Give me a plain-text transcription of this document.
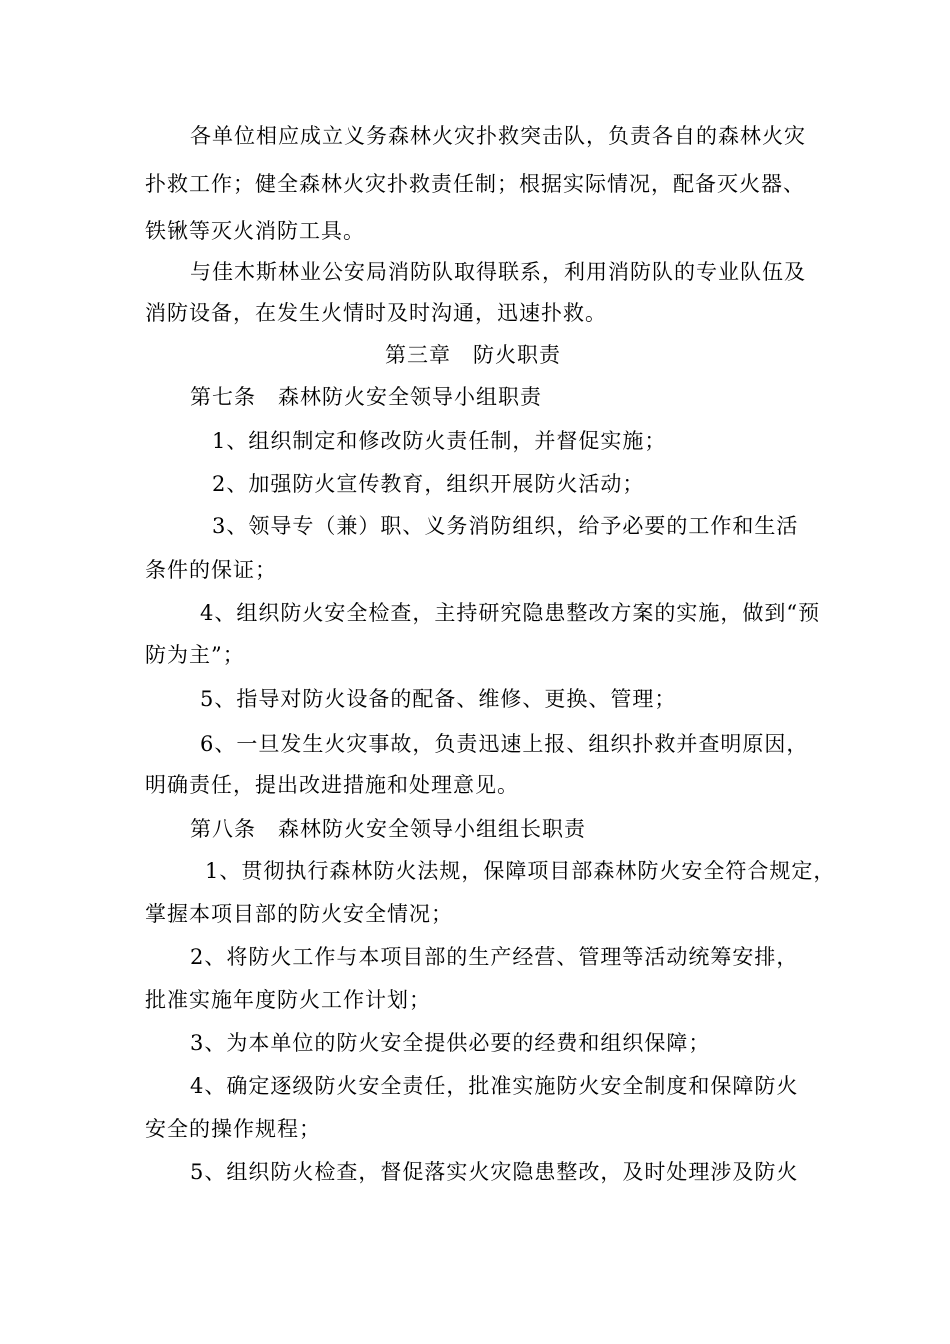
各单位相应成立义务森林火灾扑救突击队，负责各自的森林火灾
扑救工作；健全森林火灾扑救责任制；根据实际情况，配备灭火器、
铁锹等灭火消防工具。
与佳木斯林业公安局消防队取得联系，利用消防队的专业队伍及
消防设备，在发生火情时及时沟通，迅速扑救。
第三章　防火职责
第七条　森林防火安全领导小组职责
1、组织制定和修改防火责任制，并督促实施；
2、加强防火宣传教育，组织开展防火活动；
3、领导专（兼）职、义务消防组织，给予必要的工作和生活
条件的保证；
4、组织防火安全检查，主持研究隐患整改方案的实施，做到“预
防为主”；
5、指导对防火设备的配备、维修、更换、管理；
6、一旦发生火灾事故，负责迅速上报、组织扑救并查明原因，
明确责任，提出改进措施和处理意见。
第八条　森林防火安全领导小组组长职责
1、贯彻执行森林防火法规，保障项目部森林防火安全符合规定，
掌握本项目部的防火安全情况；
2、将防火工作与本项目部的生产经营、管理等活动统筹安排，
批准实施年度防火工作计划；
3、为本单位的防火安全提供必要的经费和组织保障；
4、确定逐级防火安全责任，批准实施防火安全制度和保障防火
安全的操作规程；
5、组织防火检查，督促落实火灾隐患整改，及时处理涉及防火
